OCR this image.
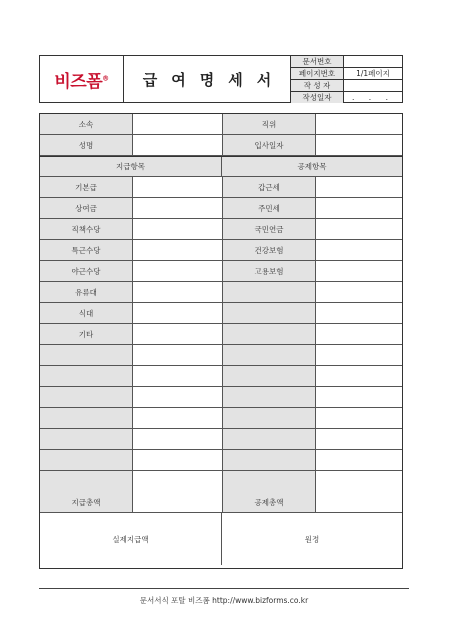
비즈폼®	급여명세서
문서번호
페이지번호	1/1페이지
작 성 자
작성일자	. . .
소속	직위
성명	입사일자
지급항목	공제항목
기본급	갑근세
상여금	주민세
직책수당	국민연금
특근수당	건강보험
야근수당	고용보험
유류대
식대
기타
지급총액	공제총액
실제지급액	원정
문서서식 포탈 비즈폼 http://www.bizforms.co.kr
